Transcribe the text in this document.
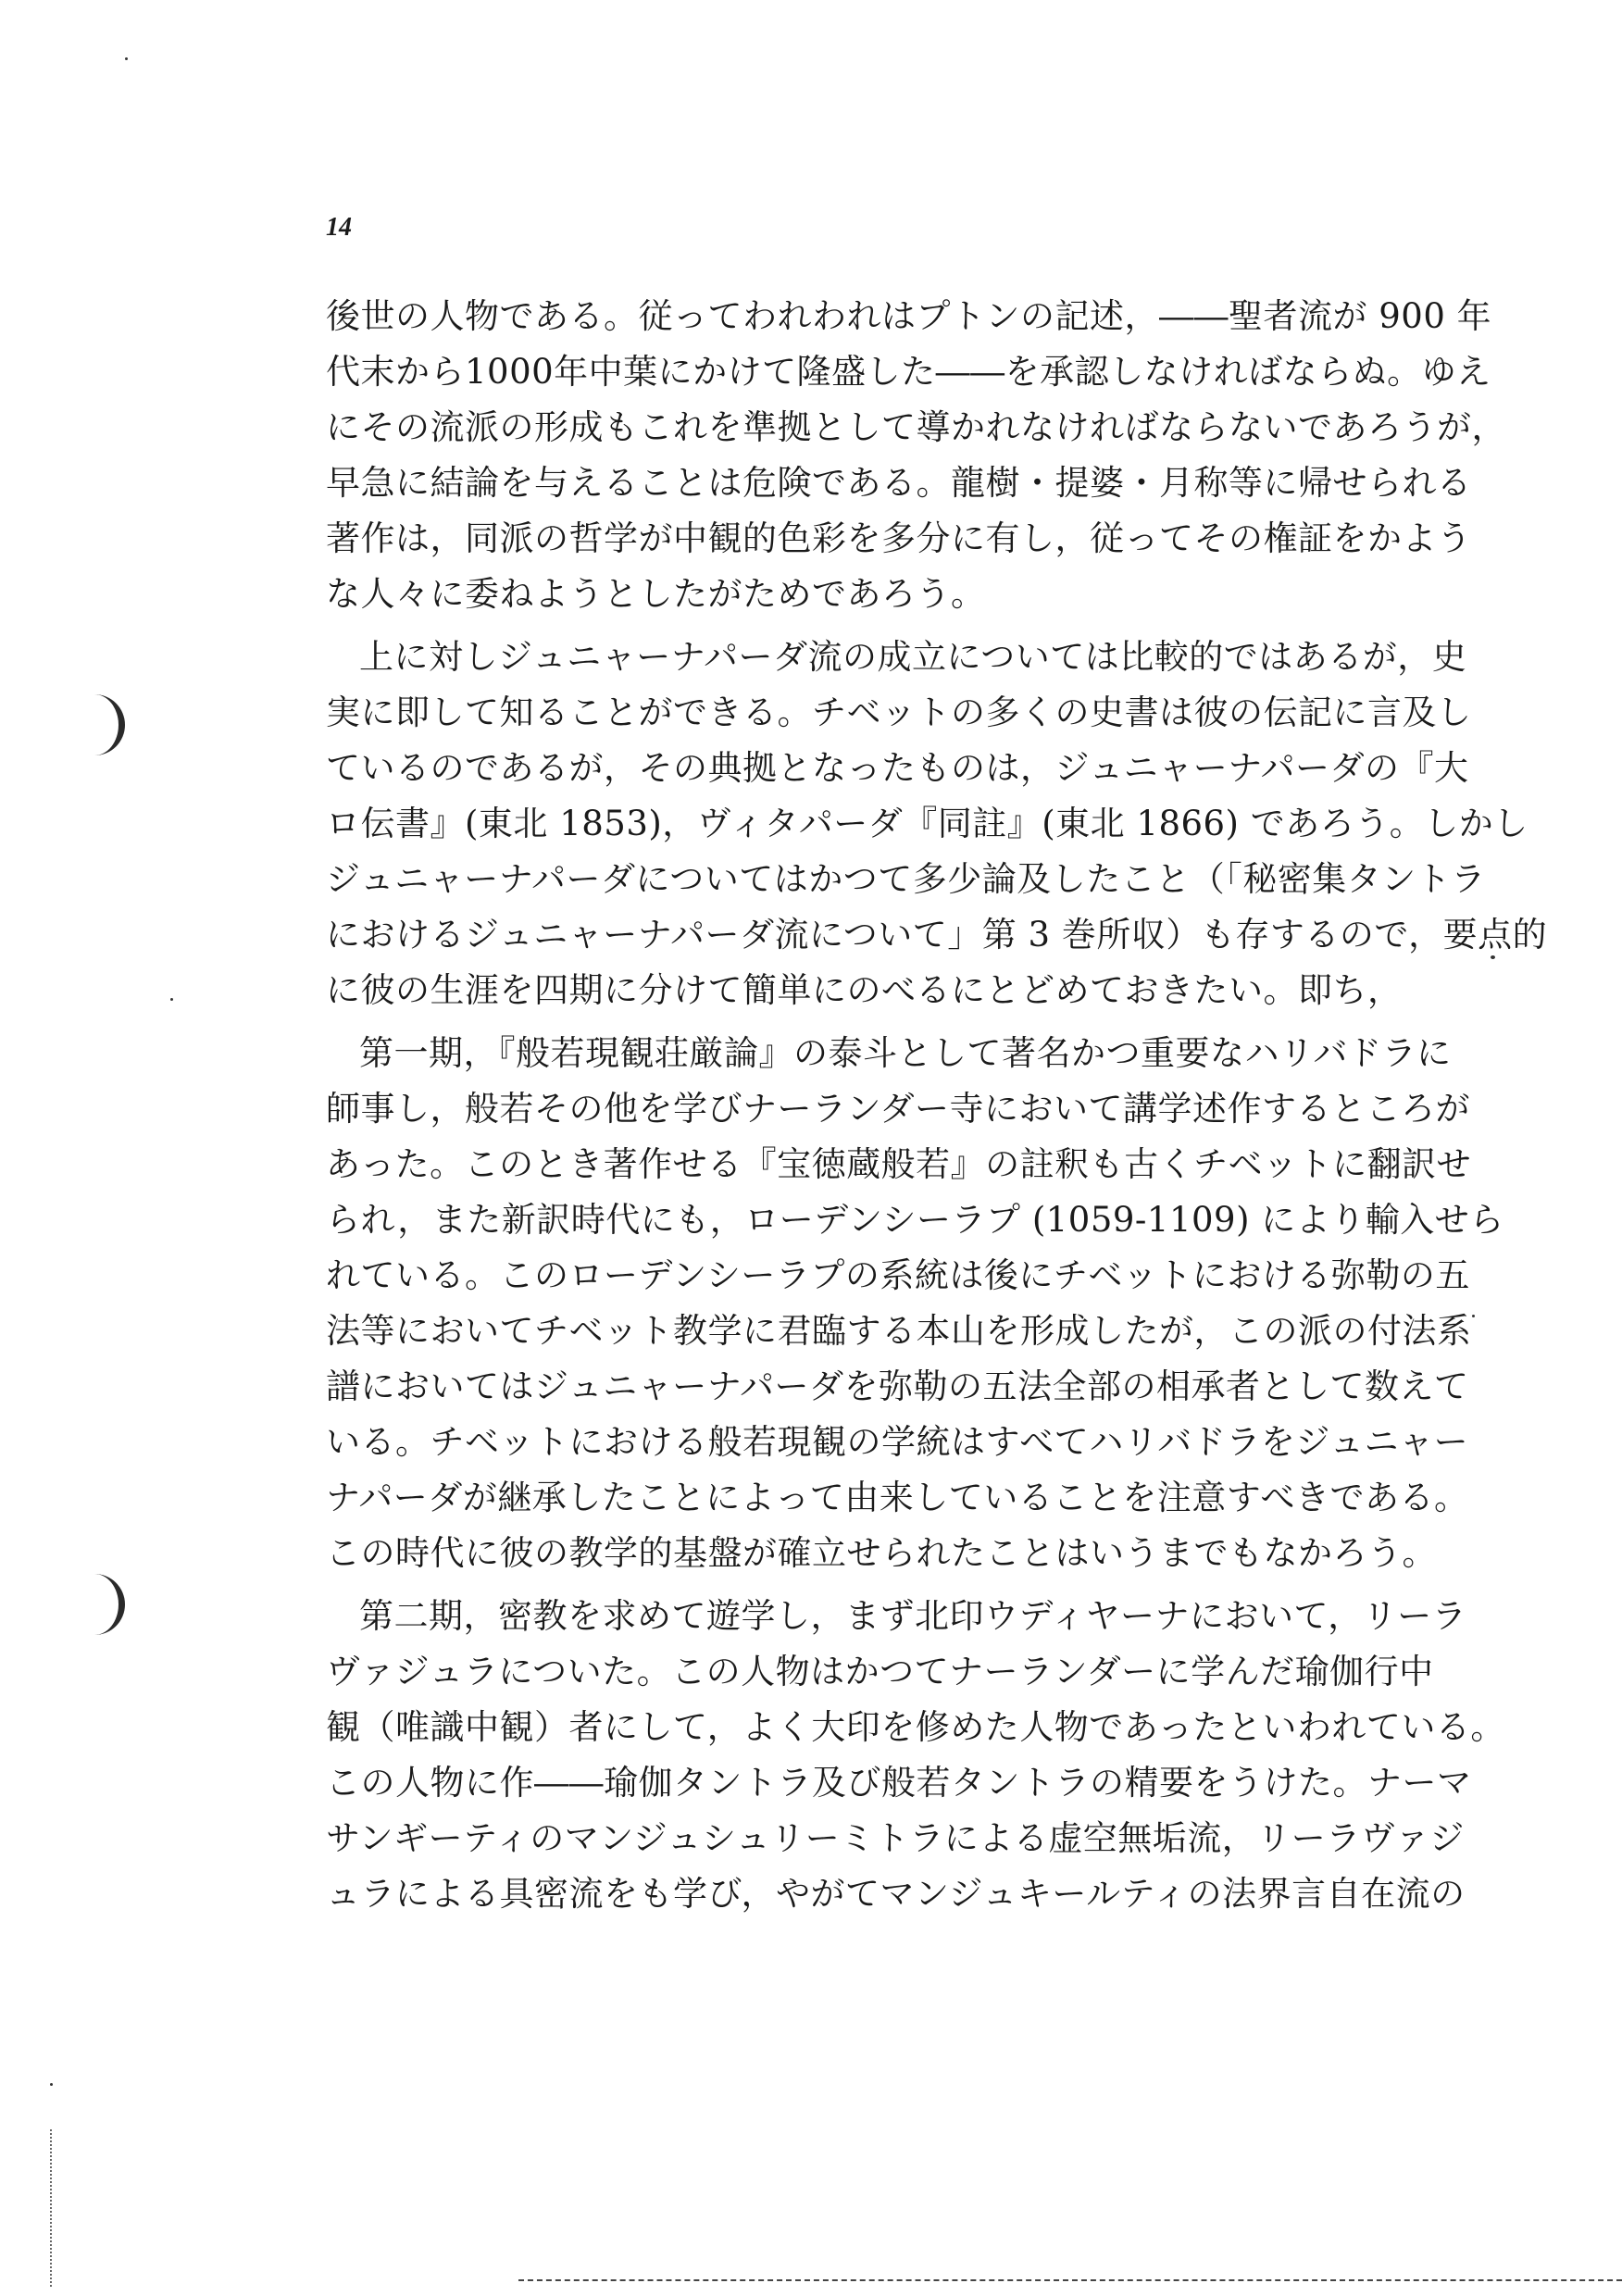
14
後世の人物である。従ってわれわれはプトンの記述，――聖者流が 900 年
代末から1000年中葉にかけて隆盛した――を承認しなければならぬ。ゆえ
にその流派の形成もこれを準拠として導かれなければならないであろうが，
早急に結論を与えることは危険である。龍樹・提婆・月称等に帰せられる
著作は，同派の哲学が中観的色彩を多分に有し，従ってその権証をかよう
な人々に委ねようとしたがためであろう。
上に対しジュニャーナパーダ流の成立については比較的ではあるが，史
実に即して知ることができる。チベットの多くの史書は彼の伝記に言及し
ているのであるが，その典拠となったものは，ジュニャーナパーダの『大
ロ伝書』(東北 1853)，ヴィタパーダ『同註』(東北 1866) であろう。しかし
ジュニャーナパーダについてはかつて多少論及したこと（「秘密集タントラ
におけるジュニャーナパーダ流について」第 3 巻所収）も存するので，要点的
に彼の生涯を四期に分けて簡単にのべるにとどめておきたい。即ち，
第一期，『般若現観荘厳論』の泰斗として著名かつ重要なハリバドラに
師事し，般若その他を学びナーランダー寺において講学述作するところが
あった。このとき著作せる『宝徳蔵般若』の註釈も古くチベットに翻訳せ
られ，また新訳時代にも，ローデンシーラプ (1059-1109) により輸入せら
れている。このローデンシーラプの系統は後にチベットにおける弥勒の五
法等においてチベット教学に君臨する本山を形成したが，この派の付法系
譜においてはジュニャーナパーダを弥勒の五法全部の相承者として数えて
いる。チベットにおける般若現観の学統はすべてハリバドラをジュニャー
ナパーダが継承したことによって由来していることを注意すべきである。
この時代に彼の教学的基盤が確立せられたことはいうまでもなかろう。
第二期，密教を求めて遊学し，まず北印ウディヤーナにおいて，リーラ
ヴァジュラについた。この人物はかつてナーランダーに学んだ瑜伽行中
観（唯識中観）者にして，よく大印を修めた人物であったといわれている。
この人物に作――瑜伽タントラ及び般若タントラの精要をうけた。ナーマ
サンギーティのマンジュシュリーミトラによる虚空無垢流，リーラヴァジ
ュラによる具密流をも学び，やがてマンジュキールティの法界言自在流の
